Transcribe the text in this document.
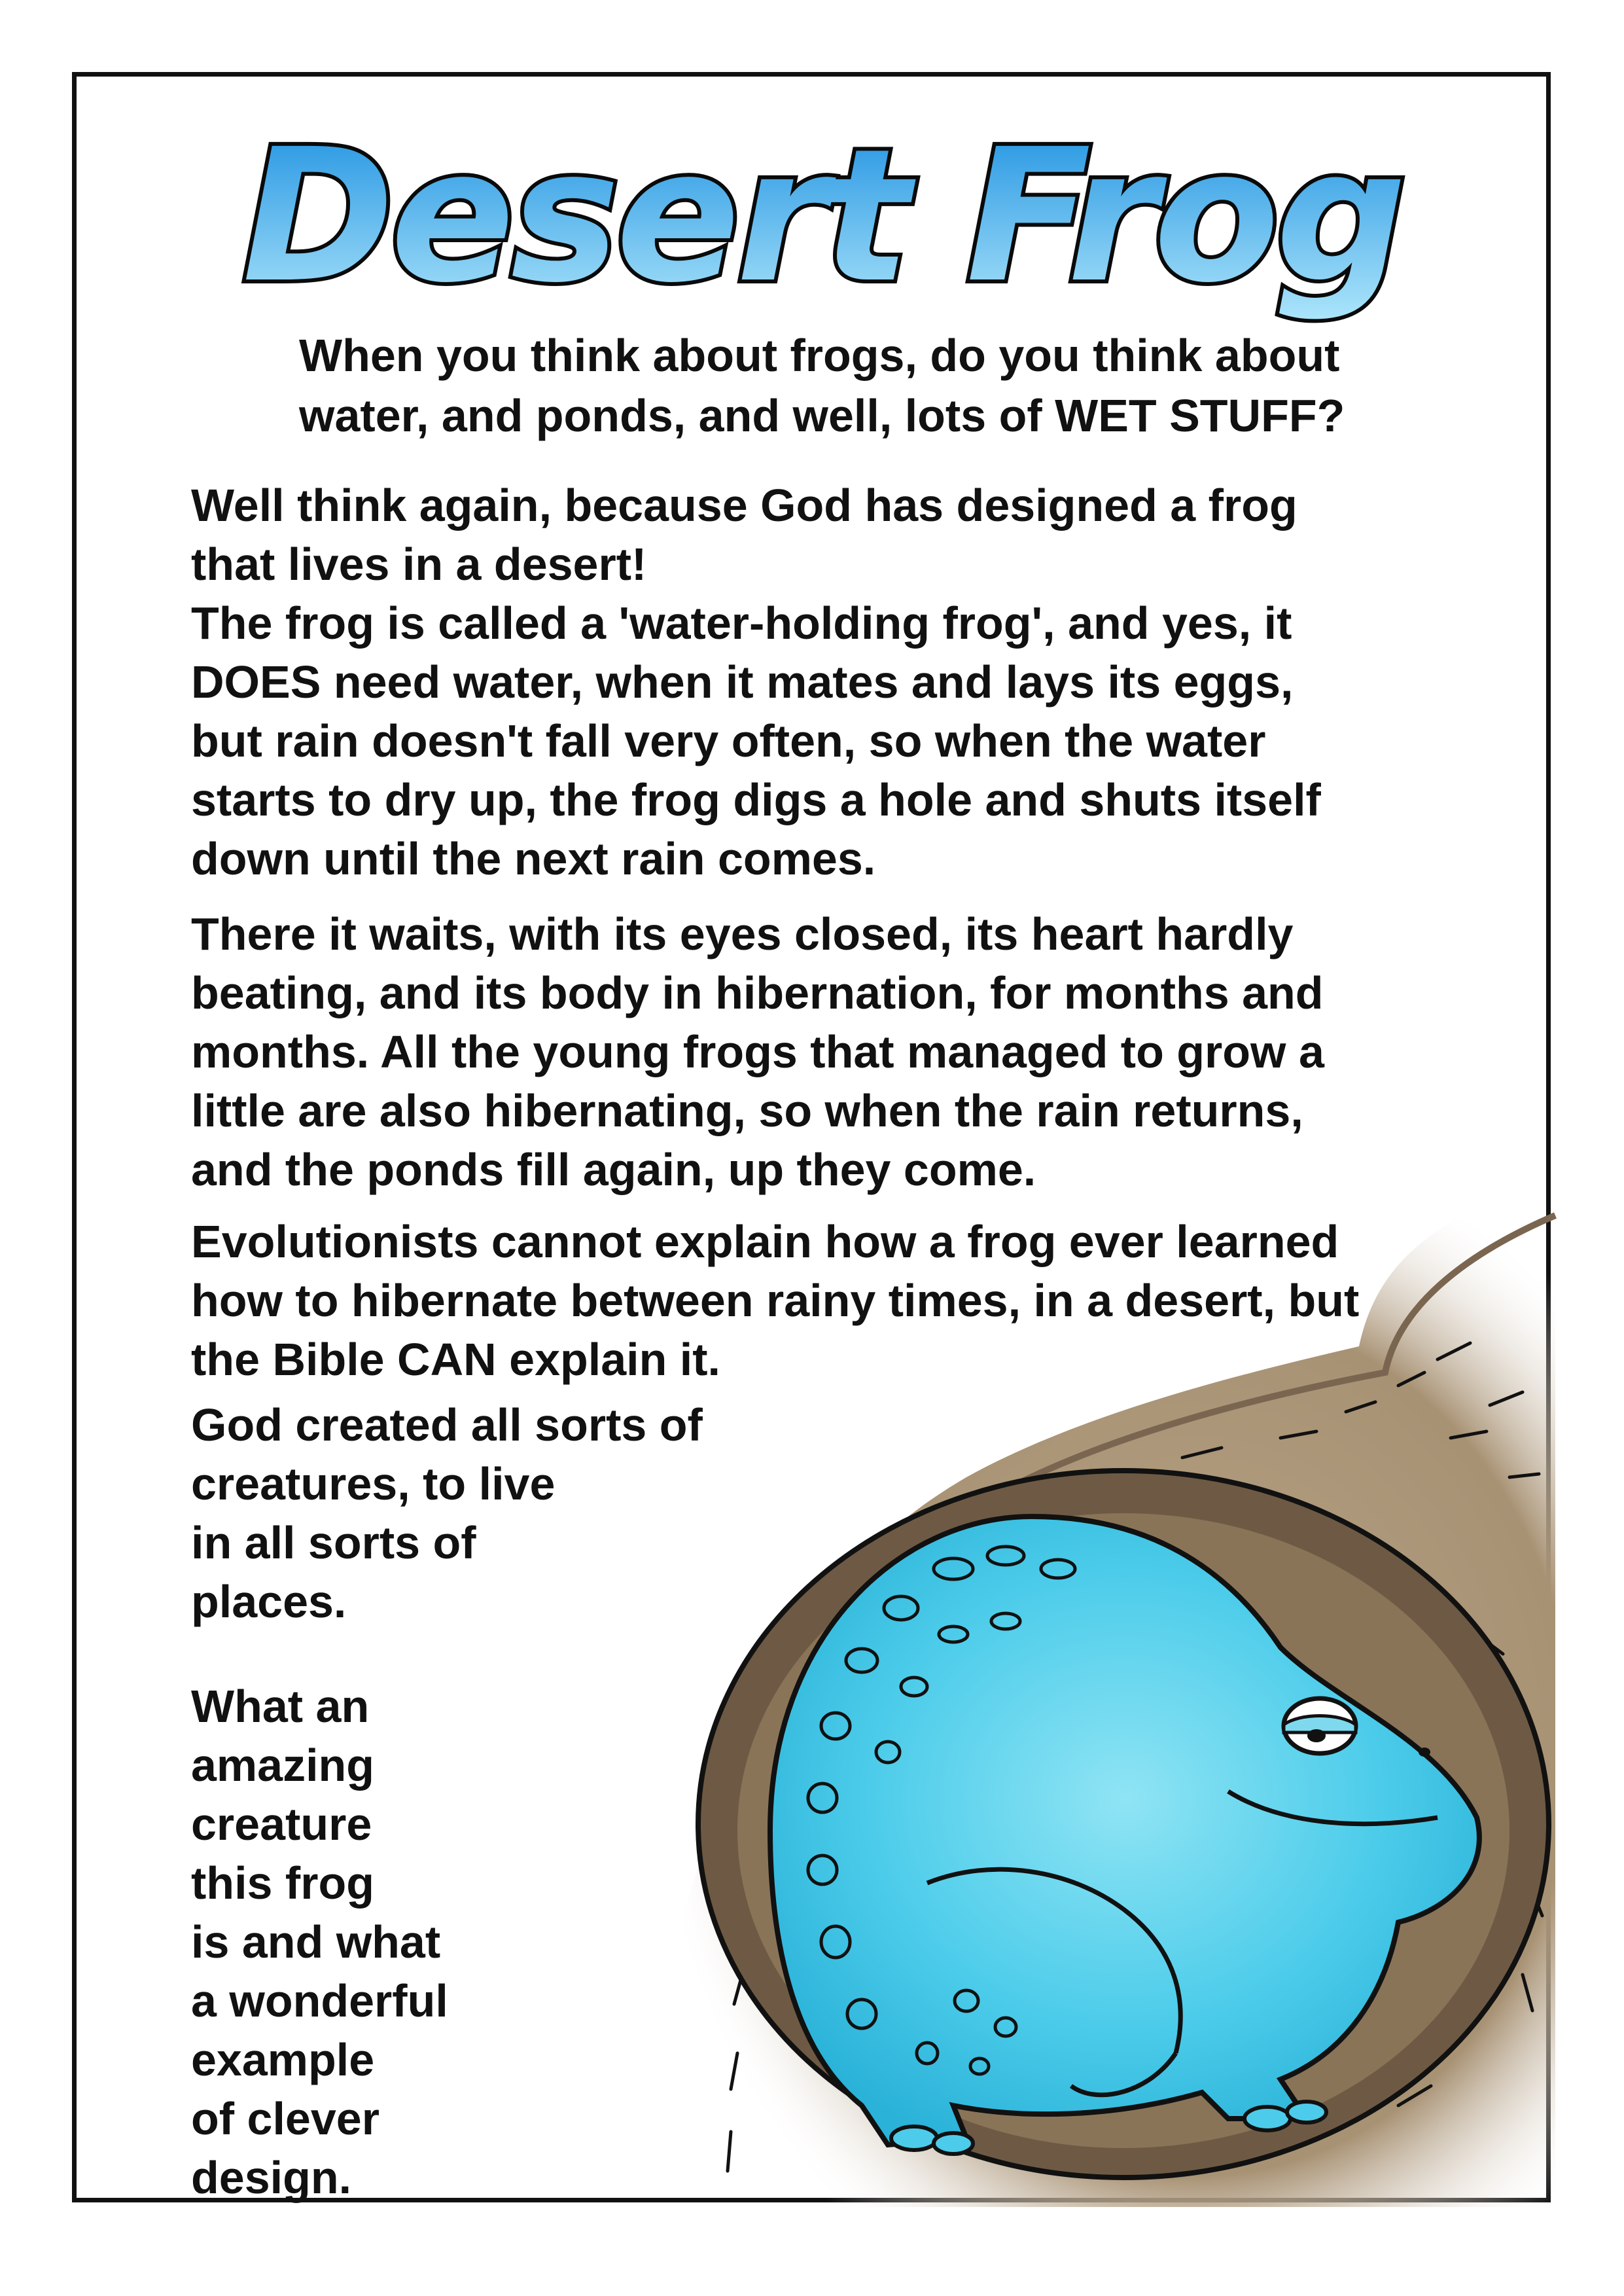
Desert Frog

When you think about frogs, do you think about
water, and ponds, and well, lots of WET STUFF?

Well think again, because God has designed a frog
that lives in a desert!
The frog is called a 'water-holding frog', and yes, it
DOES need water, when it mates and lays its eggs,
but rain doesn't fall very often, so when the water
starts to dry up, the frog digs a hole and shuts itself
down until the next rain comes.

There it waits, with its eyes closed, its heart hardly
beating, and its body in hibernation, for months and
months. All the young frogs that managed to grow a
little are also hibernating, so when the rain returns,
and the ponds fill again, up they come.

Evolutionists cannot explain how a frog ever learned
how to hibernate between rainy times, in a desert, but
the Bible CAN explain it.

God created all sorts of
creatures, to live
in all sorts of
places.

What an
amazing
creature
this frog
is and what
a wonderful
example
of clever
design.
